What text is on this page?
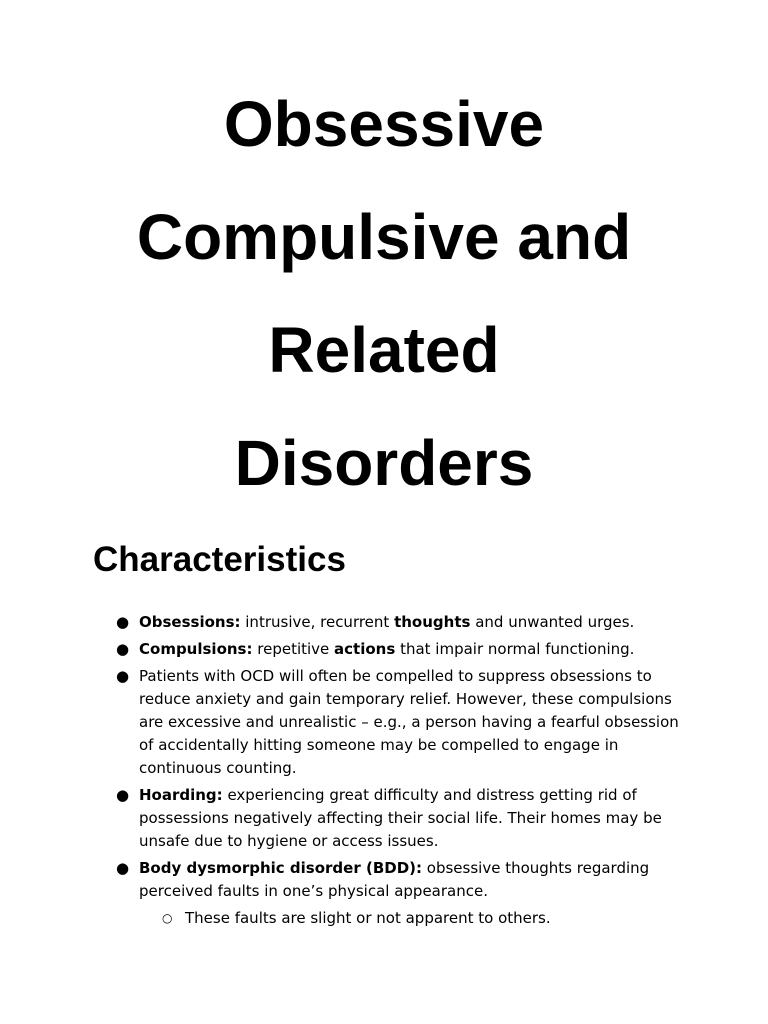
Obsessive
Compulsive and
Related
Disorders
Characteristics
● Obsessions: intrusive, recurrent thoughts and unwanted urges.
● Compulsions: repetitive actions that impair normal functioning.
● Patients with OCD will often be compelled to suppress obsessions to reduce anxiety and gain temporary relief. However, these compulsions are excessive and unrealistic – e.g., a person having a fearful obsession of accidentally hitting someone may be compelled to engage in continuous counting.
● Hoarding: experiencing great difficulty and distress getting rid of possessions negatively affecting their social life. Their homes may be unsafe due to hygiene or access issues.
● Body dysmorphic disorder (BDD): obsessive thoughts regarding perceived faults in one’s physical appearance.
○ These faults are slight or not apparent to others.
